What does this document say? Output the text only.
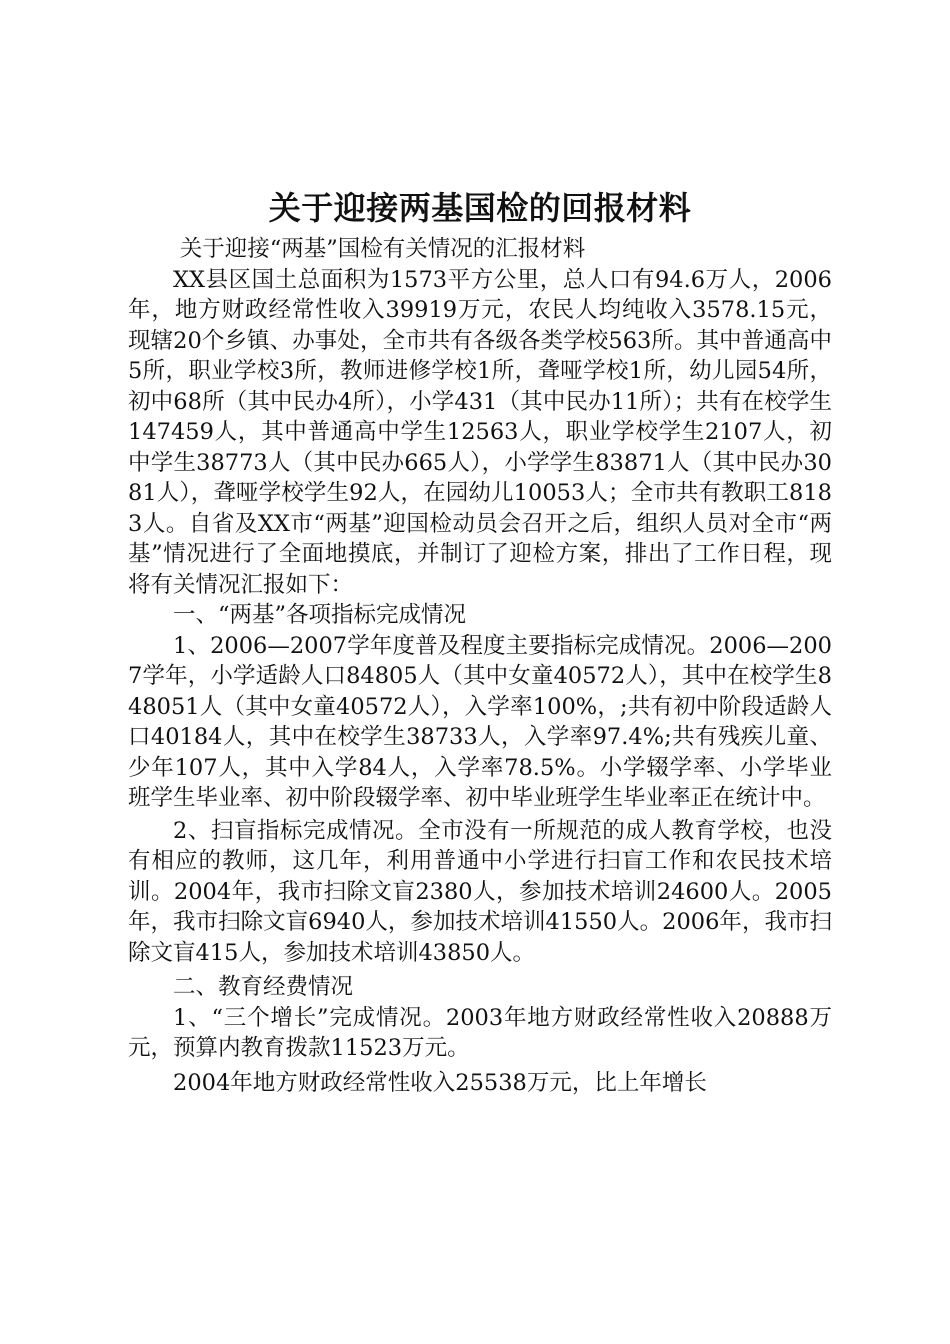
关于迎接两基国检的回报材料

关于迎接“两基”国检有关情况的汇报材料

XX县区国土总面积为1573平方公里，总人口有94.6万人，2006年，地方财政经常性收入39919万元，农民人均纯收入3578.15元，现辖20个乡镇、办事处，全市共有各级各类学校563所。其中普通高中5所，职业学校3所，教师进修学校1所，聋哑学校1所，幼儿园54所，初中68所（其中民办4所），小学431（其中民办11所）；共有在校学生147459人，其中普通高中学生12563人，职业学校学生2107人，初中学生38773人（其中民办665人），小学学生83871人（其中民办3081人），聋哑学校学生92人，在园幼儿10053人；全市共有教职工8183人。自省及XX市“两基”迎国检动员会召开之后，组织人员对全市“两基”情况进行了全面地摸底，并制订了迎检方案，排出了工作日程，现将有关情况汇报如下：

一、“两基”各项指标完成情况

1、2006—2007学年度普及程度主要指标完成情况。2006—2007学年，小学适龄人口84805人（其中女童40572人），其中在校学生848051人（其中女童40572人），入学率100%，;共有初中阶段适龄人口40184人，其中在校学生38733人，入学率97.4%;共有残疾儿童、少年107人，其中入学84人，入学率78.5%。小学辍学率、小学毕业班学生毕业率、初中阶段辍学率、初中毕业班学生毕业率正在统计中。

2、扫盲指标完成情况。全市没有一所规范的成人教育学校，也没有相应的教师，这几年，利用普通中小学进行扫盲工作和农民技术培训。2004年，我市扫除文盲2380人，参加技术培训24600人。2005年，我市扫除文盲6940人，参加技术培训41550人。2006年，我市扫除文盲415人，参加技术培训43850人。

二、教育经费情况

1、“三个增长”完成情况。2003年地方财政经常性收入20888万元，预算内教育拨款11523万元。

2004年地方财政经常性收入25538万元，比上年增长
